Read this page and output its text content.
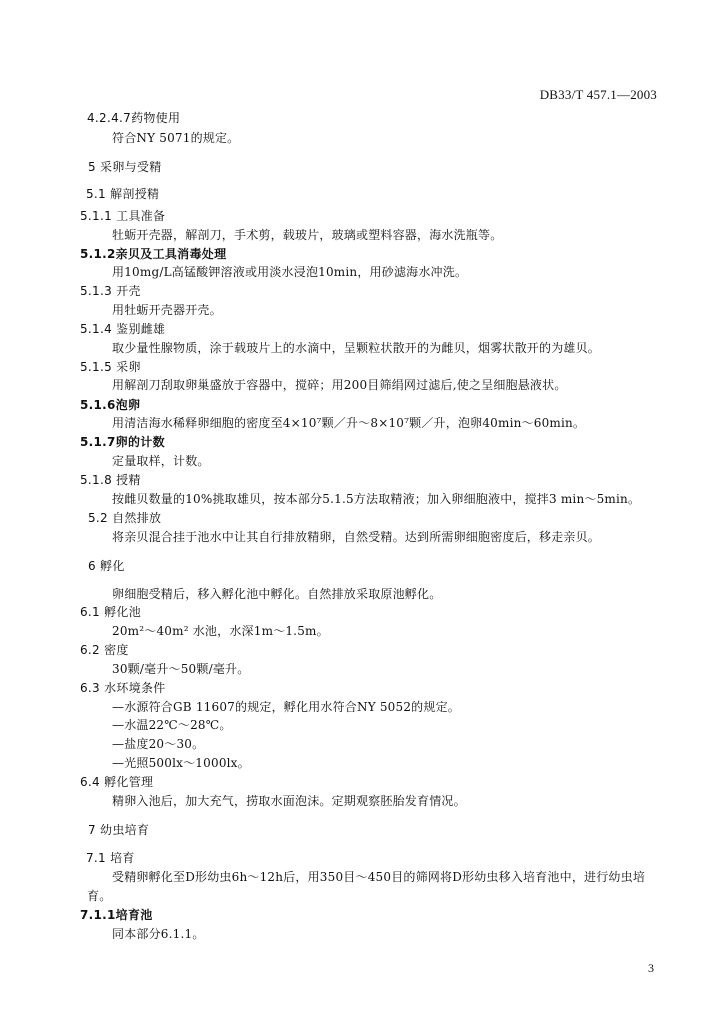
DB33/T 457.1—2003
4.2.4.7药物使用
符合NY 5071的规定。
5 采卵与受精
5.1 解剖授精
5.1.1 工具准备
牡蛎开壳器，解剖刀，手术剪，载玻片，玻璃或塑料容器，海水洗瓶等。
5.1.2亲贝及工具消毒处理
用10mg/L高锰酸钾溶液或用淡水浸泡10min，用砂滤海水冲洗。
5.1.3 开壳
用牡蛎开壳器开壳。
5.1.4 鉴别雌雄
取少量性腺物质，涂于载玻片上的水滴中，呈颗粒状散开的为雌贝，烟雾状散开的为雄贝。
5.1.5 采卵
用解剖刀刮取卵巢盛放于容器中，搅碎；用200目筛绢网过滤后,使之呈细胞悬液状。
5.1.6泡卵
用清洁海水稀释卵细胞的密度至4×10⁷颗／升～8×10⁷颗／升，泡卵40min～60min。
5.1.7卵的计数
定量取样，计数。
5.1.8 授精
按雌贝数量的10%挑取雄贝，按本部分5.1.5方法取精液；加入卵细胞液中，搅拌3 min～5min。
5.2 自然排放
将亲贝混合挂于池水中让其自行排放精卵，自然受精。达到所需卵细胞密度后，移走亲贝。
6 孵化
卵细胞受精后，移入孵化池中孵化。自然排放采取原池孵化。
6.1 孵化池
20m²～40m² 水池，水深1m～1.5m。
6.2 密度
30颗/毫升～50颗/毫升。
6.3 水环境条件
—水源符合GB 11607的规定，孵化用水符合NY 5052的规定。
—水温22℃～28℃。
—盐度20～30。
—光照500lx～1000lx。
6.4 孵化管理
精卵入池后，加大充气，捞取水面泡沫。定期观察胚胎发育情况。
7 幼虫培育
7.1 培育
受精卵孵化至D形幼虫6h～12h后，用350目～450目的筛网将D形幼虫移入培育池中，进行幼虫培
育。
7.1.1培育池
同本部分6.1.1。
3
